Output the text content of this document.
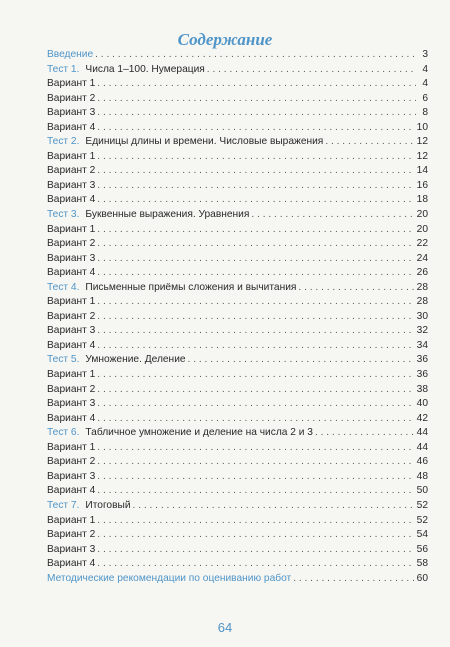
Содержание
Введение . . .	3
Тест 1. Числа 1–100. Нумерация . . .	4
Вариант 1 . . .	4
Вариант 2 . . .	6
Вариант 3 . . .	8
Вариант 4 . . .	10
Тест 2. Единицы длины и времени. Числовые выражения . . .	12
Вариант 1 . . .	12
Вариант 2 . . .	14
Вариант 3 . . .	16
Вариант 4 . . .	18
Тест 3. Буквенные выражения. Уравнения . . .	20
Вариант 1 . . .	20
Вариант 2 . . .	22
Вариант 3 . . .	24
Вариант 4 . . .	26
Тест 4. Письменные приёмы сложения и вычитания . . .	28
Вариант 1 . . .	28
Вариант 2 . . .	30
Вариант 3 . . .	32
Вариант 4 . . .	34
Тест 5. Умножение. Деление . . .	36
Вариант 1 . . .	36
Вариант 2 . . .	38
Вариант 3 . . .	40
Вариант 4 . . .	42
Тест 6. Табличное умножение и деление на числа 2 и 3 . . .	44
Вариант 1 . . .	44
Вариант 2 . . .	46
Вариант 3 . . .	48
Вариант 4 . . .	50
Тест 7. Итоговый . . .	52
Вариант 1 . . .	52
Вариант 2 . . .	54
Вариант 3 . . .	56
Вариант 4 . . .	58
Методические рекомендации по оцениванию работ . . .	60
64
